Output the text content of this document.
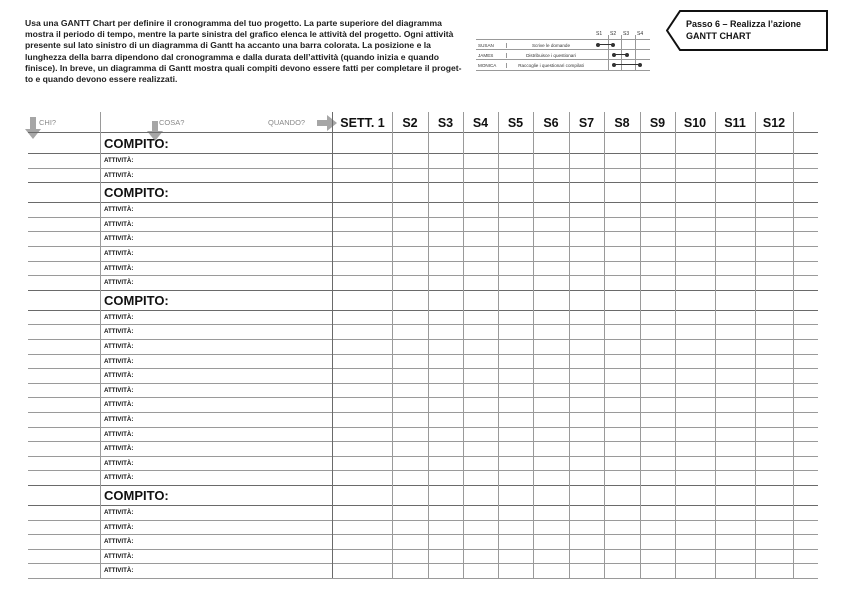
Usa una GANTT Chart per definire il cronogramma del tuo progetto. La parte superiore del diagramma mostra il periodo di tempo, mentre la parte sinistra del grafico elenca le attività del progetto. Ogni attività presente sul lato sinistro di un diagramma di Gantt ha accanto una barra colorata. La posizione e la lunghezza della barra dipendono dal cronogramma e dalla durata dell’attività (quando inizia e quando finisce). In breve, un diagramma di Gantt mostra quali compiti devono essere fatti per completare il proget-to e quando devono essere realizzati.
S1 S2 S3 S4
SUSAN	Scrive le domande
JAMES	Distribuisce i questionari
MONICA	Raccoglie i questionari compilati
Passo 6 – Realizza l’azione
GANTT CHART
CHI?	COSA?	QUANDO?	SETT. 1	S2	S3	S4	S5	S6	S7	S8	S9	S10	S11	S12
COMPITO:
ATTIVITÀ:
ATTIVITÀ:
COMPITO:
ATTIVITÀ:
ATTIVITÀ:
ATTIVITÀ:
ATTIVITÀ:
ATTIVITÀ:
ATTIVITÀ:
COMPITO:
ATTIVITÀ:
ATTIVITÀ:
ATTIVITÀ:
ATTIVITÀ:
ATTIVITÀ:
ATTIVITÀ:
ATTIVITÀ:
ATTIVITÀ:
ATTIVITÀ:
ATTIVITÀ:
ATTIVITÀ:
ATTIVITÀ:
COMPITO:
ATTIVITÀ:
ATTIVITÀ:
ATTIVITÀ:
ATTIVITÀ:
ATTIVITÀ:
